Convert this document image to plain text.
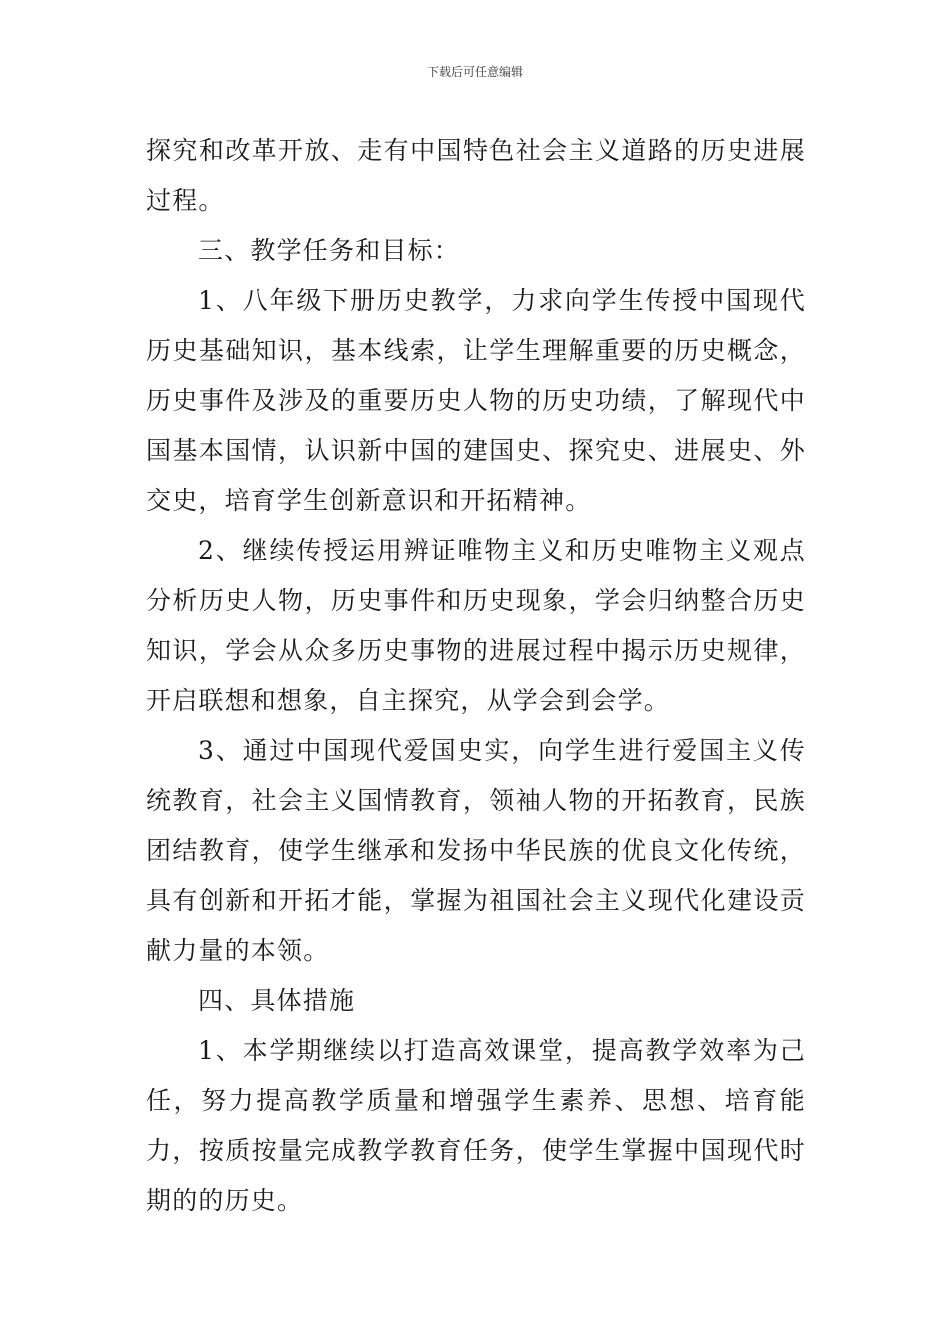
下载后可任意编辑

探究和改革开放、走有中国特色社会主义道路的历史进展过程。

三、教学任务和目标：

1、八年级下册历史教学，力求向学生传授中国现代历史基础知识，基本线索，让学生理解重要的历史概念，历史事件及涉及的重要历史人物的历史功绩，了解现代中国基本国情，认识新中国的建国史、探究史、进展史、外交史，培育学生创新意识和开拓精神。

2、继续传授运用辨证唯物主义和历史唯物主义观点分析历史人物，历史事件和历史现象，学会归纳整合历史知识，学会从众多历史事物的进展过程中揭示历史规律，开启联想和想象，自主探究，从学会到会学。

3、通过中国现代爱国史实，向学生进行爱国主义传统教育，社会主义国情教育，领袖人物的开拓教育，民族团结教育，使学生继承和发扬中华民族的优良文化传统，具有创新和开拓才能，掌握为祖国社会主义现代化建设贡献力量的本领。

四、具体措施

1、本学期继续以打造高效课堂，提高教学效率为己任，努力提高教学质量和增强学生素养、思想、培育能力，按质按量完成教学教育任务，使学生掌握中国现代时期的的历史。
